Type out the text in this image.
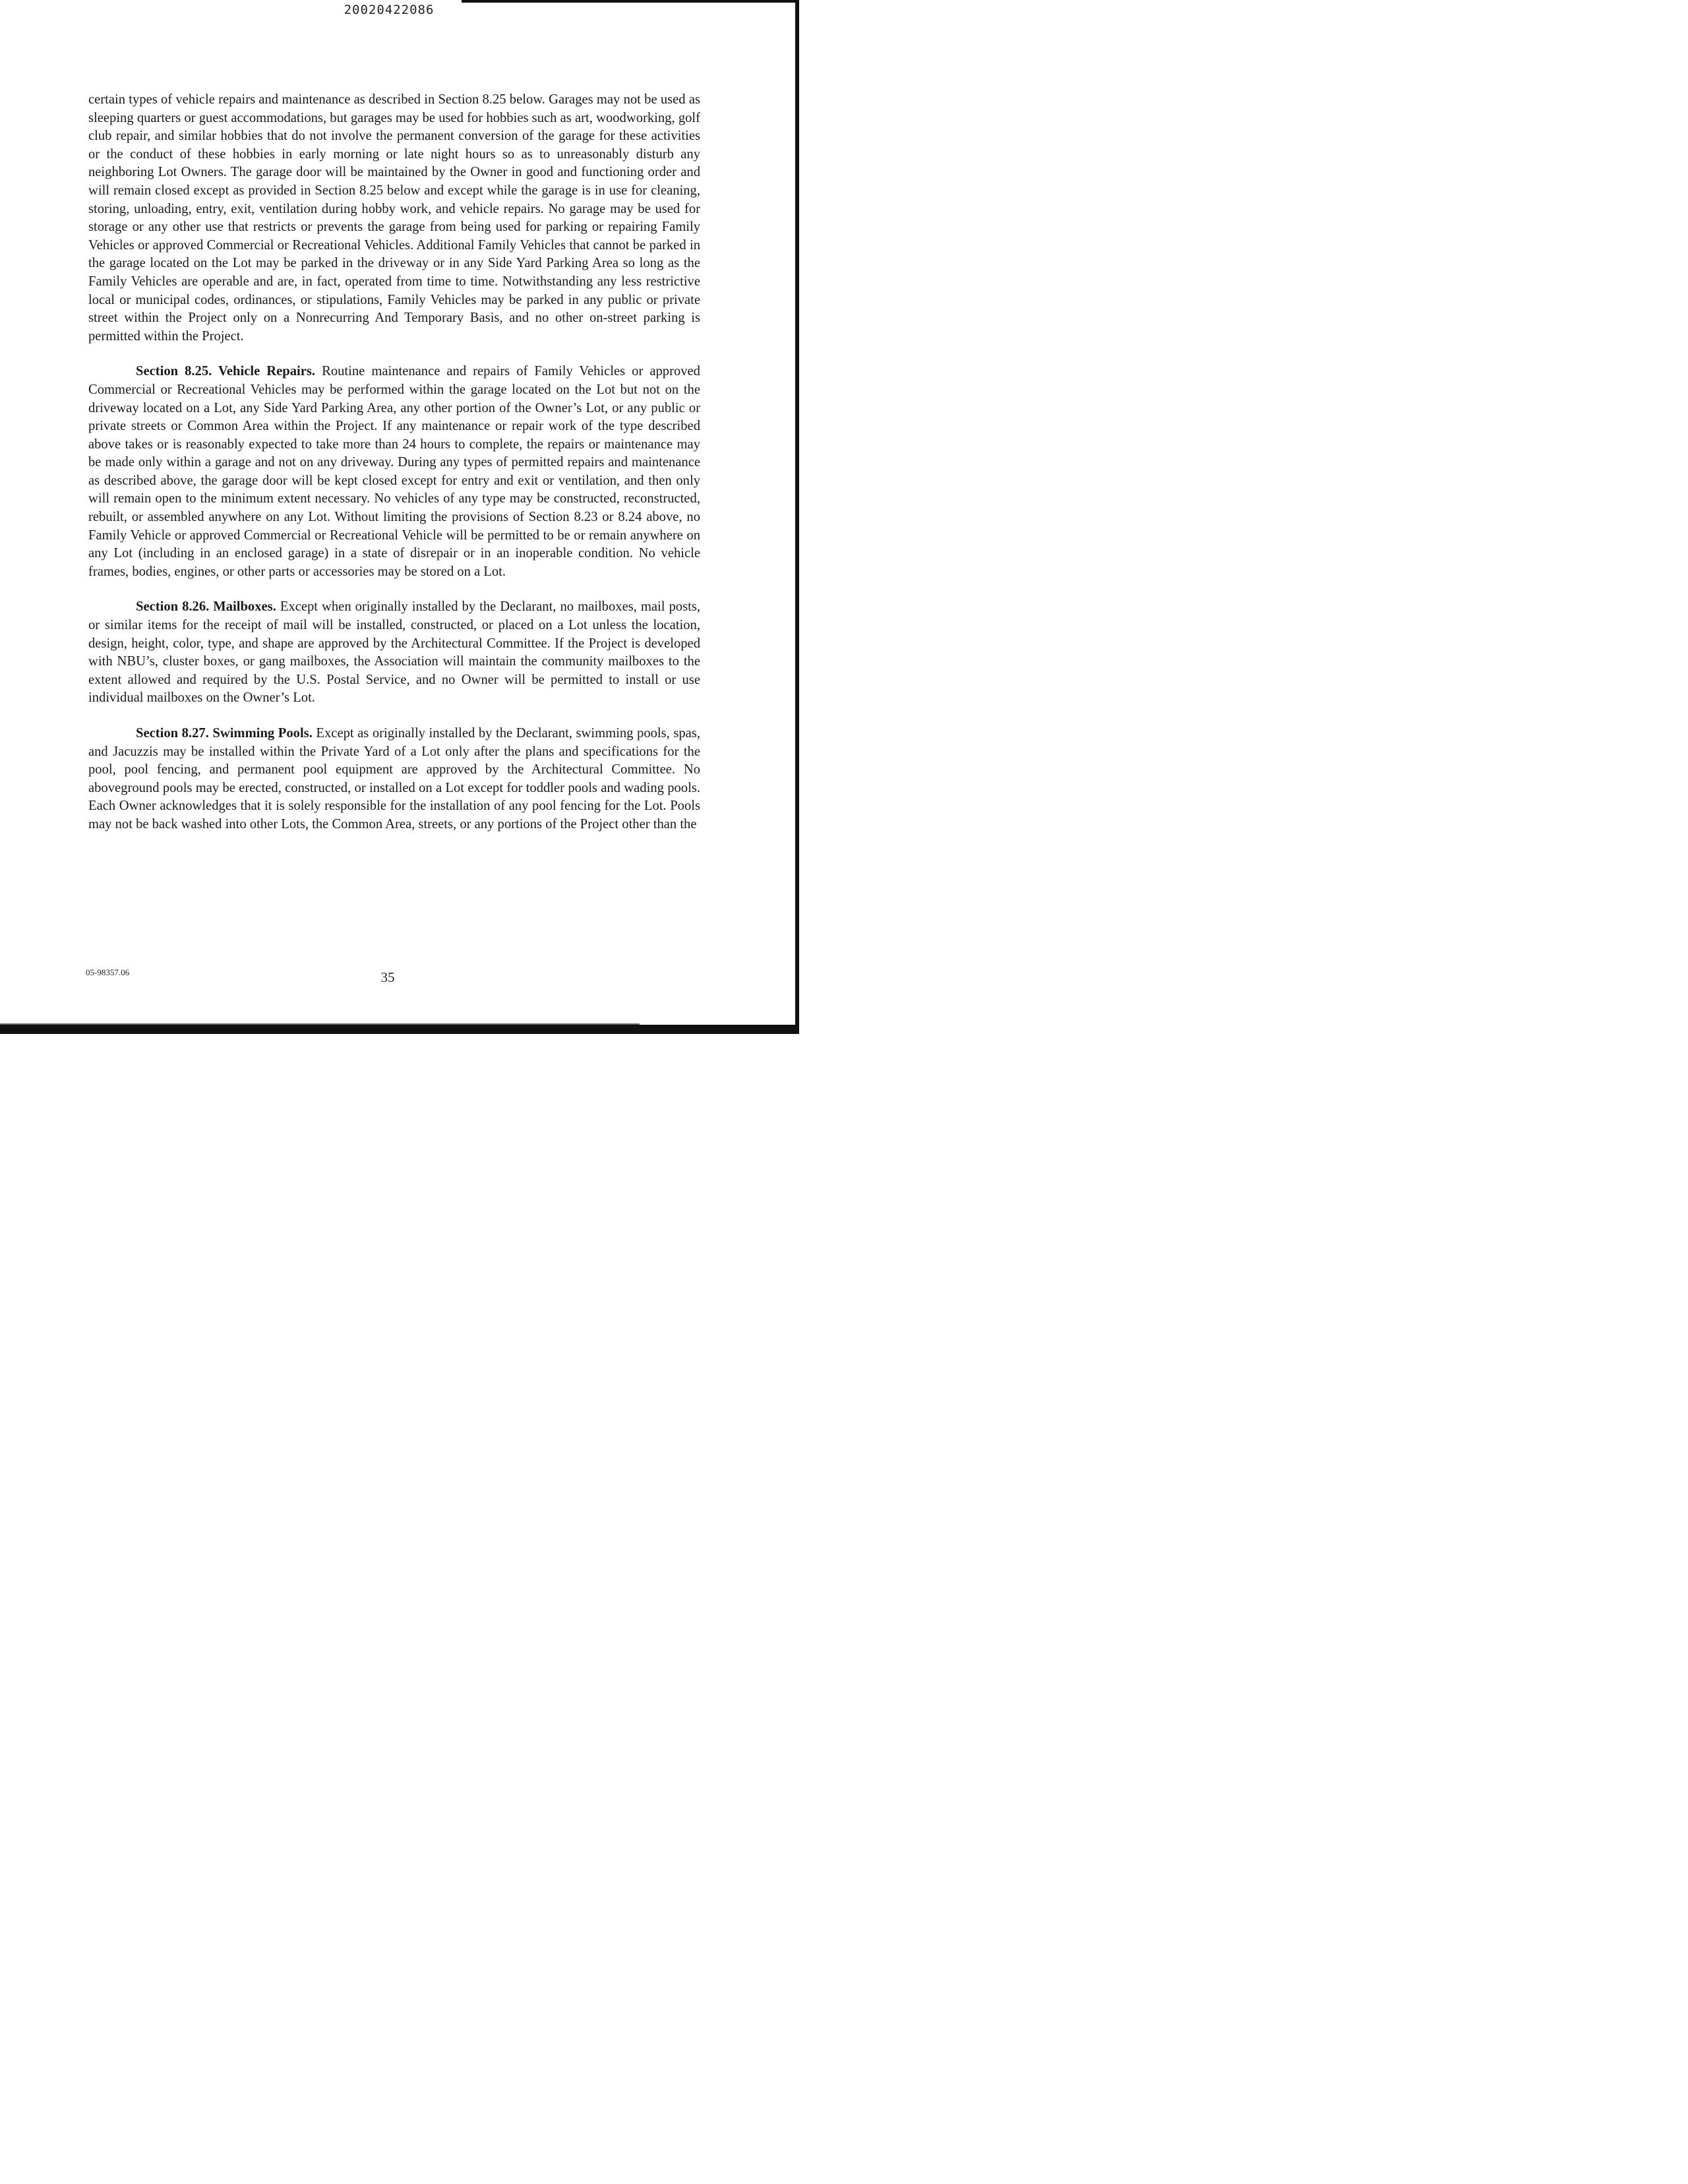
20020422086

certain types of vehicle repairs and maintenance as described in Section 8.25 below. Garages may not be used as sleeping quarters or guest accommodations, but garages may be used for hobbies such as art, woodworking, golf club repair, and similar hobbies that do not involve the permanent conversion of the garage for these activities or the conduct of these hobbies in early morning or late night hours so as to unreasonably disturb any neighboring Lot Owners. The garage door will be maintained by the Owner in good and functioning order and will remain closed except as provided in Section 8.25 below and except while the garage is in use for cleaning, storing, unloading, entry, exit, ventilation during hobby work, and vehicle repairs. No garage may be used for storage or any other use that restricts or prevents the garage from being used for parking or repairing Family Vehicles or approved Commercial or Recreational Vehicles. Additional Family Vehicles that cannot be parked in the garage located on the Lot may be parked in the driveway or in any Side Yard Parking Area so long as the Family Vehicles are operable and are, in fact, operated from time to time. Notwithstanding any less restrictive local or municipal codes, ordinances, or stipulations, Family Vehicles may be parked in any public or private street within the Project only on a Nonrecurring And Temporary Basis, and no other on-street parking is permitted within the Project.

Section 8.25. Vehicle Repairs. Routine maintenance and repairs of Family Vehicles or approved Commercial or Recreational Vehicles may be performed within the garage located on the Lot but not on the driveway located on a Lot, any Side Yard Parking Area, any other portion of the Owner’s Lot, or any public or private streets or Common Area within the Project. If any maintenance or repair work of the type described above takes or is reasonably expected to take more than 24 hours to complete, the repairs or maintenance may be made only within a garage and not on any driveway. During any types of permitted repairs and maintenance as described above, the garage door will be kept closed except for entry and exit or ventilation, and then only will remain open to the minimum extent necessary. No vehicles of any type may be constructed, reconstructed, rebuilt, or assembled anywhere on any Lot. Without limiting the provisions of Section 8.23 or 8.24 above, no Family Vehicle or approved Commercial or Recreational Vehicle will be permitted to be or remain anywhere on any Lot (including in an enclosed garage) in a state of disrepair or in an inoperable condition. No vehicle frames, bodies, engines, or other parts or accessories may be stored on a Lot.

Section 8.26. Mailboxes. Except when originally installed by the Declarant, no mailboxes, mail posts, or similar items for the receipt of mail will be installed, constructed, or placed on a Lot unless the location, design, height, color, type, and shape are approved by the Architectural Committee. If the Project is developed with NBU’s, cluster boxes, or gang mailboxes, the Association will maintain the community mailboxes to the extent allowed and required by the U.S. Postal Service, and no Owner will be permitted to install or use individual mailboxes on the Owner’s Lot.

Section 8.27. Swimming Pools. Except as originally installed by the Declarant, swimming pools, spas, and Jacuzzis may be installed within the Private Yard of a Lot only after the plans and specifications for the pool, pool fencing, and permanent pool equipment are approved by the Architectural Committee. No aboveground pools may be erected, constructed, or installed on a Lot except for toddler pools and wading pools. Each Owner acknowledges that it is solely responsible for the installation of any pool fencing for the Lot. Pools may not be back washed into other Lots, the Common Area, streets, or any portions of the Project other than the

05-98357.06	35
